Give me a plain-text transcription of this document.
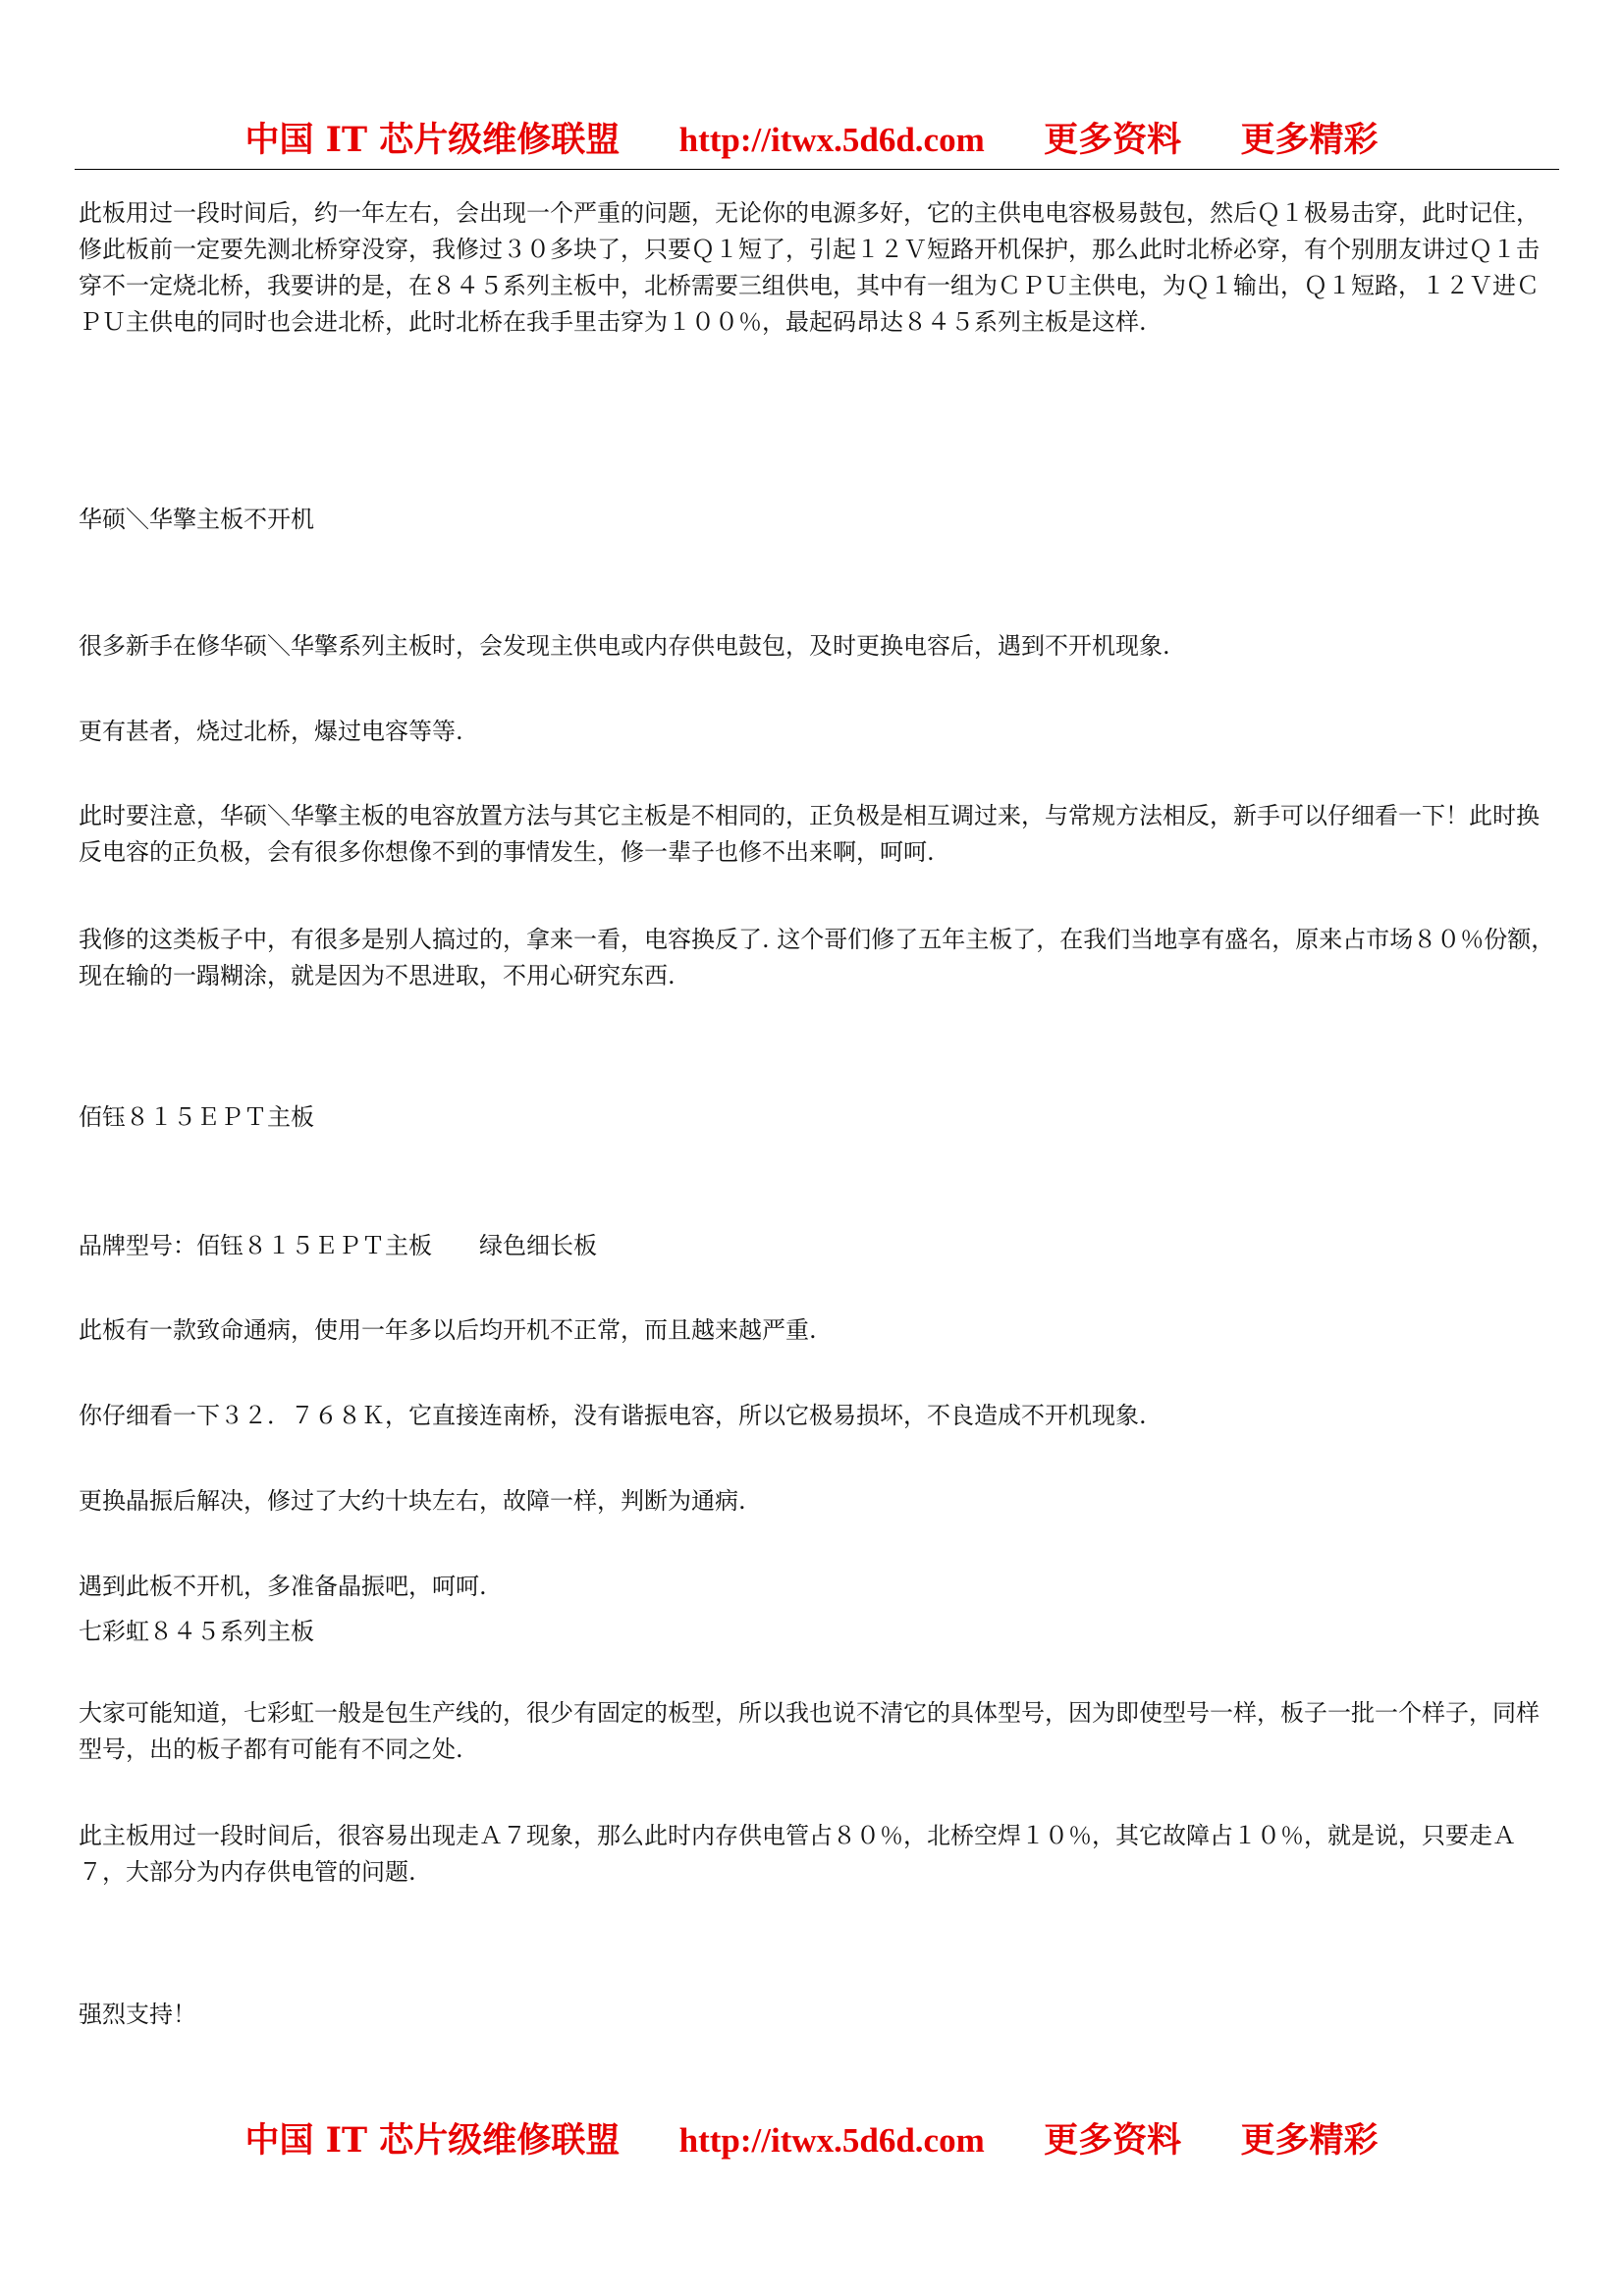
中国 IT 芯片级维修联盟 http://itwx.5d6d.com 更多资料 更多精彩

此板用过一段时间后，约一年左右，会出现一个严重的问题，无论你的电源多好，它的主供电电容极易鼓包，然后Ｑ１极易击穿，此时记住，修此板前一定要先测北桥穿没穿，我修过３０多块了，只要Ｑ１短了，引起１２Ｖ短路开机保护，那么此时北桥必穿，有个别朋友讲过Ｑ１击穿不一定烧北桥，我要讲的是，在８４５系列主板中，北桥需要三组供电，其中有一组为ＣＰＵ主供电，为Ｑ１输出，Ｑ１短路，１２Ｖ进ＣＰＵ主供电的同时也会进北桥，此时北桥在我手里击穿为１００％，最起码昂达８４５系列主板是这样.

华硕＼华擎主板不开机

很多新手在修华硕＼华擎系列主板时，会发现主供电或内存供电鼓包，及时更换电容后，遇到不开机现象.

更有甚者，烧过北桥，爆过电容等等.

此时要注意，华硕＼华擎主板的电容放置方法与其它主板是不相同的，正负极是相互调过来，与常规方法相反，新手可以仔细看一下！此时换反电容的正负极，会有很多你想像不到的事情发生，修一辈子也修不出来啊，呵呵.

我修的这类板子中，有很多是别人搞过的，拿来一看，电容换反了. 这个哥们修了五年主板了，在我们当地享有盛名，原来占市场８０％份额，现在输的一蹋糊涂，就是因为不思进取，不用心研究东西.

佰钰８１５ＥＰＴ主板

品牌型号：佰钰８１５ＥＰＴ主板　　绿色细长板

此板有一款致命通病，使用一年多以后均开机不正常，而且越来越严重.

你仔细看一下３２．７６８Ｋ，它直接连南桥，没有谐振电容，所以它极易损坏，不良造成不开机现象.

更换晶振后解决，修过了大约十块左右，故障一样，判断为通病.

遇到此板不开机，多准备晶振吧，呵呵.

七彩虹８４５系列主板

大家可能知道，七彩虹一般是包生产线的，很少有固定的板型，所以我也说不清它的具体型号，因为即使型号一样，板子一批一个样子，同样型号，出的板子都有可能有不同之处.

此主板用过一段时间后，很容易出现走Ａ７现象，那么此时内存供电管占８０％，北桥空焊１０％，其它故障占１０％，就是说，只要走Ａ７，大部分为内存供电管的问题.

强烈支持！

中国 IT 芯片级维修联盟 http://itwx.5d6d.com 更多资料 更多精彩
